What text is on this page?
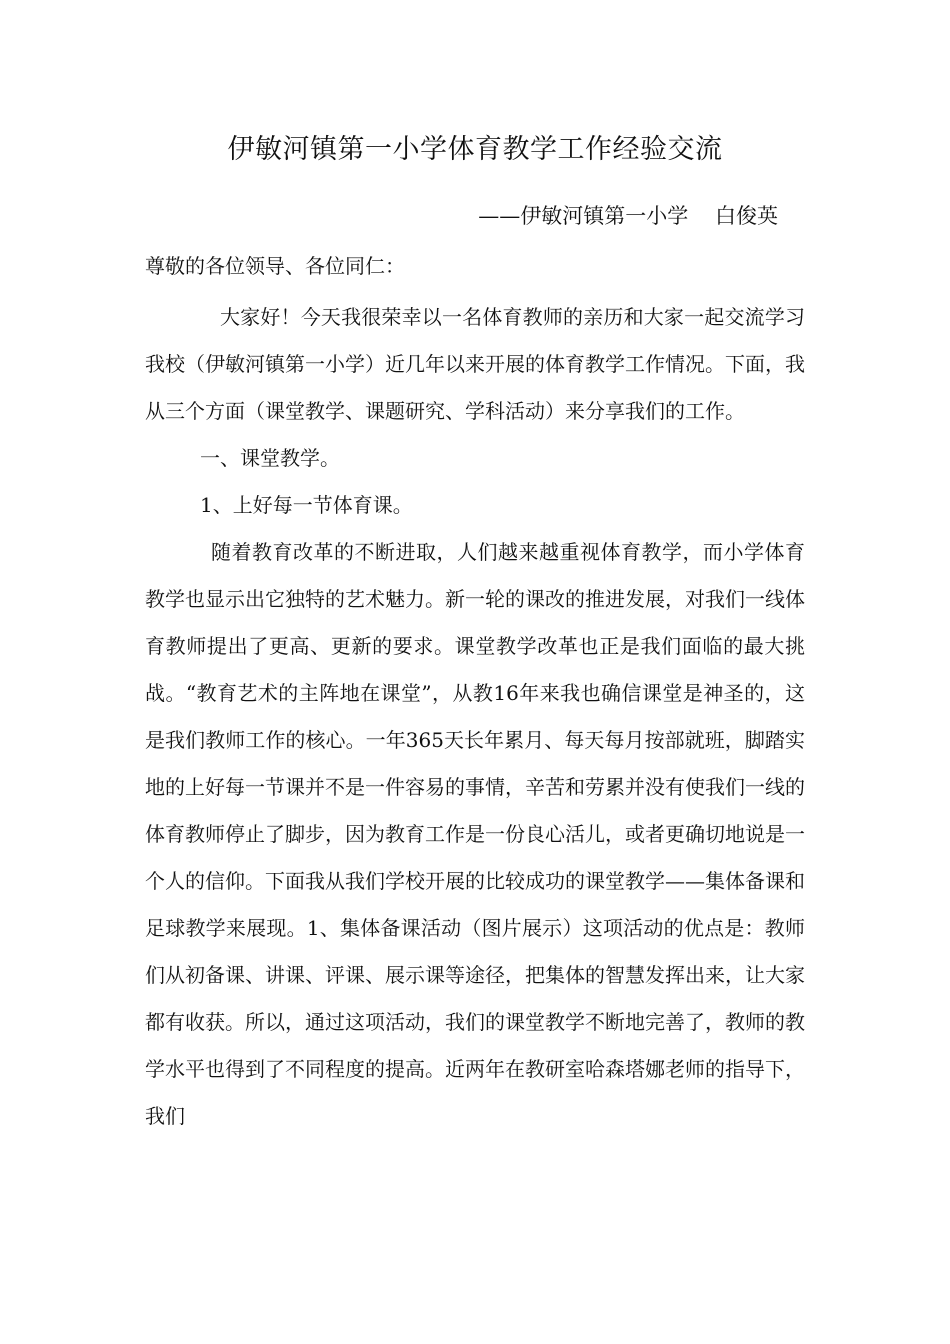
伊敏河镇第一小学体育教学工作经验交流
——伊敏河镇第一小学    白俊英
尊敬的各位领导、各位同仁：

大家好！今天我很荣幸以一名体育教师的亲历和大家一起交流学习我校（伊敏河镇第一小学）近几年以来开展的体育教学工作情况。下面，我从三个方面（课堂教学、课题研究、学科活动）来分享我们的工作。

一、课堂教学。

1、上好每一节体育课。

随着教育改革的不断进取，人们越来越重视体育教学，而小学体育教学也显示出它独特的艺术魅力。新一轮的课改的推进发展，对我们一线体育教师提出了更高、更新的要求。课堂教学改革也正是我们面临的最大挑战。“教育艺术的主阵地在课堂”，从教16年来我也确信课堂是神圣的，这是我们教师工作的核心。一年365天长年累月、每天每月按部就班，脚踏实地的上好每一节课并不是一件容易的事情，辛苦和劳累并没有使我们一线的体育教师停止了脚步，因为教育工作是一份良心活儿，或者更确切地说是一个人的信仰。下面我从我们学校开展的比较成功的课堂教学——集体备课和足球教学来展现。1、集体备课活动（图片展示）这项活动的优点是：教师们从初备课、讲课、评课、展示课等途径，把集体的智慧发挥出来，让大家都有收获。所以，通过这项活动，我们的课堂教学不断地完善了，教师的教学水平也得到了不同程度的提高。近两年在教研室哈森塔娜老师的指导下，我们
